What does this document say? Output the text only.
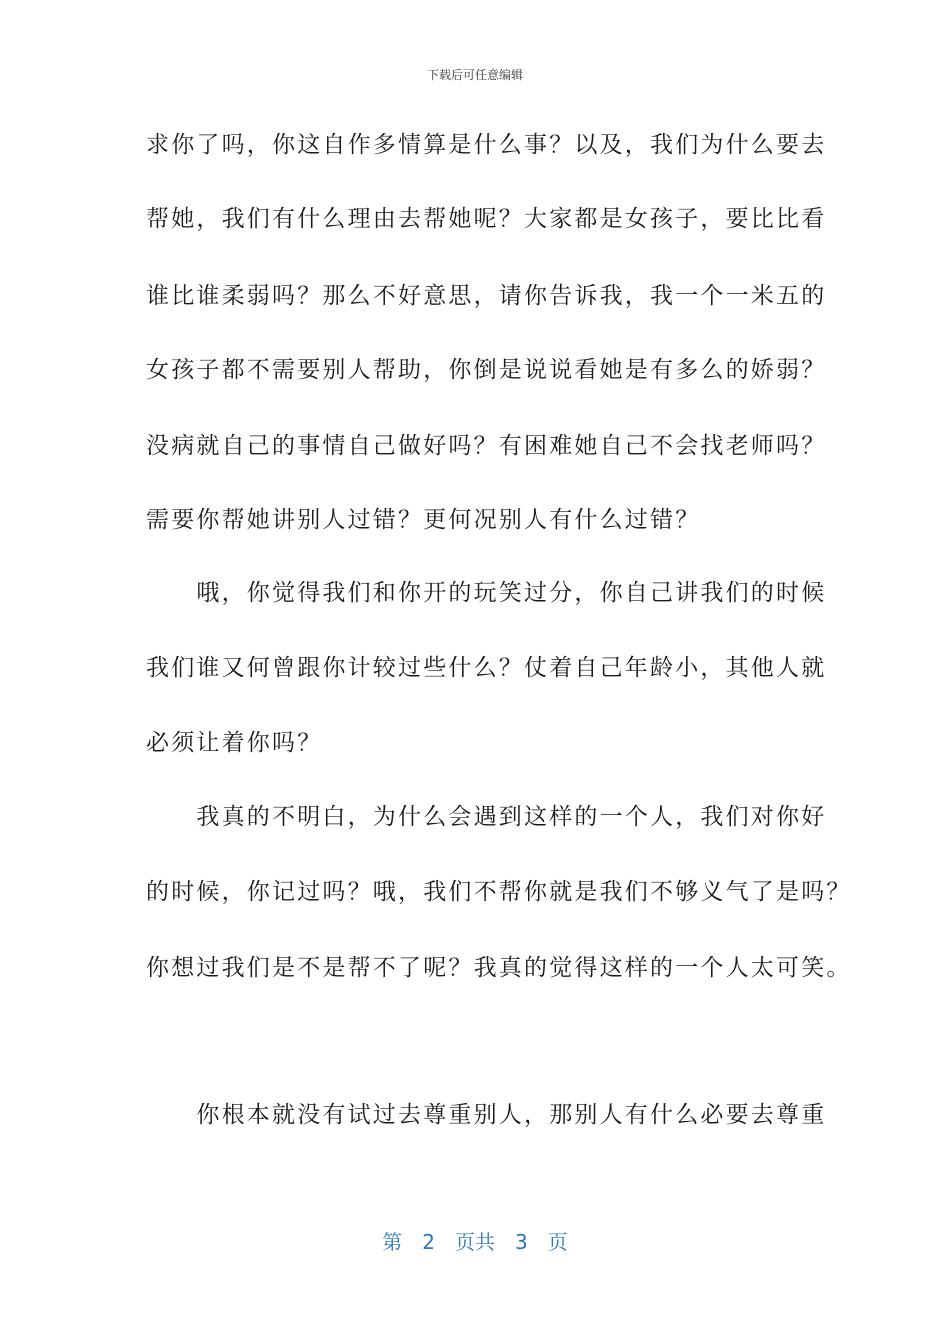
下载后可任意编辑
求你了吗，你这自作多情算是什么事？以及，我们为什么要去
帮她，我们有什么理由去帮她呢？大家都是女孩子，要比比看
谁比谁柔弱吗？那么不好意思，请你告诉我，我一个一米五的
女孩子都不需要别人帮助，你倒是说说看她是有多么的娇弱？
没病就自己的事情自己做好吗？有困难她自己不会找老师吗？
需要你帮她讲别人过错？更何况别人有什么过错？
　　哦，你觉得我们和你开的玩笑过分，你自己讲我们的时候
我们谁又何曾跟你计较过些什么？仗着自己年龄小，其他人就
必须让着你吗？
　　我真的不明白，为什么会遇到这样的一个人，我们对你好
的时候，你记过吗？哦，我们不帮你就是我们不够义气了是吗？
你想过我们是不是帮不了呢？我真的觉得这样的一个人太可笑。
　　你根本就没有试过去尊重别人，那别人有什么必要去尊重
第　2　页共　3　页
